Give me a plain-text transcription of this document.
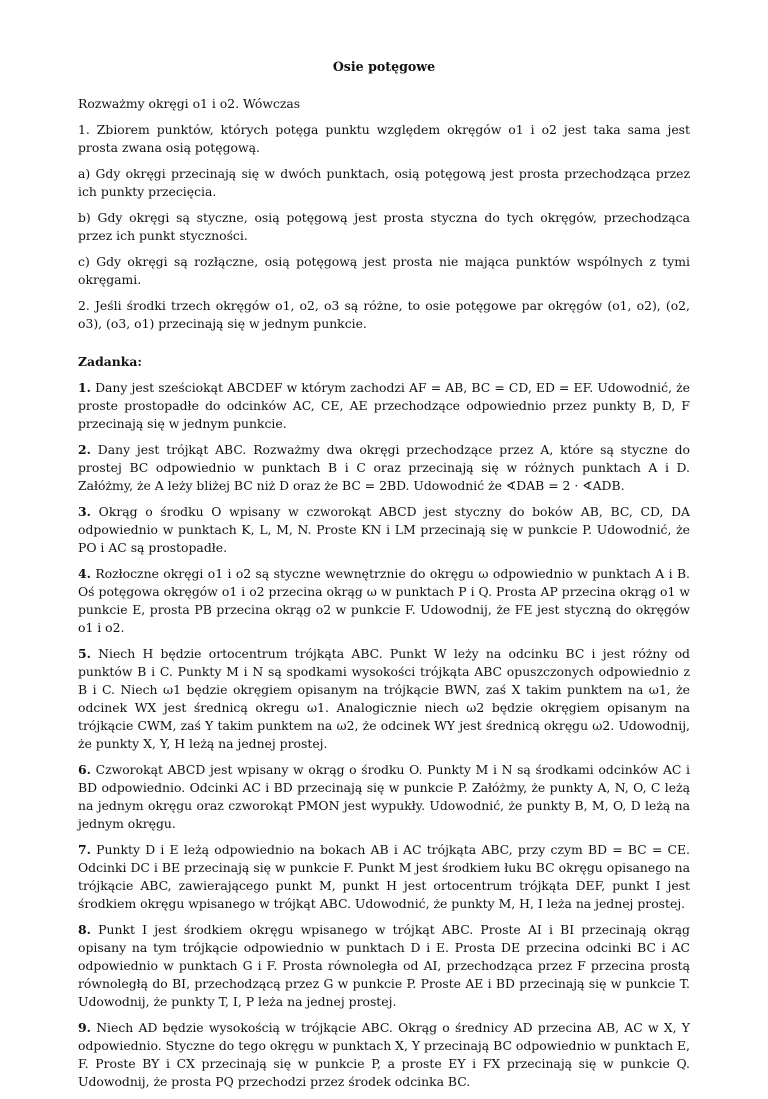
Osie potęgowe

Rozważmy okręgi o1 i o2. Wówczas

1. Zbiorem punktów, których potęga punktu względem okręgów o1 i o2 jest taka sama jest prosta zwana osią potęgową.

a) Gdy okręgi przecinają się w dwóch punktach, osią potęgową jest prosta przechodząca przez ich punkty przecięcia.

b) Gdy okręgi są styczne, osią potęgową jest prosta styczna do tych okręgów, przechodząca przez ich punkt styczności.

c) Gdy okręgi są rozłączne, osią potęgową jest prosta nie mająca punktów wspólnych z tymi okręgami.

2. Jeśli środki trzech okręgów o1, o2, o3 są różne, to osie potęgowe par okręgów (o1, o2), (o2, o3), (o3, o1) przecinają się w jednym punkcie.

Zadanka:

1. Dany jest sześciokąt ABCDEF w którym zachodzi AF = AB, BC = CD, ED = EF. Udowodnić, że proste prostopadłe do odcinków AC, CE, AE przechodzące odpowiednio przez punkty B, D, F przecinają się w jednym punkcie.

2. Dany jest trójkąt ABC. Rozważmy dwa okręgi przechodzące przez A, które są styczne do prostej BC odpowiednio w punktach B i C oraz przecinają się w różnych punktach A i D. Załóżmy, że A leży bliżej BC niż D oraz że BC = 2BD. Udowodnić że ∢DAB = 2 · ∢ADB.

3. Okrąg o środku O wpisany w czworokąt ABCD jest styczny do boków AB, BC, CD, DA odpowiednio w punktach K, L, M, N. Proste KN i LM przecinają się w punkcie P. Udowodnić, że PO i AC są prostopadłe.

4. Rozłoczne okręgi o1 i o2 są styczne wewnętrznie do okręgu ω odpowiednio w punktach A i B. Oś potęgowa okręgów o1 i o2 przecina okrąg ω w punktach P i Q. Prosta AP przecina okrąg o1 w punkcie E, prosta PB przecina okrąg o2 w punkcie F. Udowodnij, że FE jest styczną do okręgów o1 i o2.

5. Niech H będzie ortocentrum trójkąta ABC. Punkt W leży na odcinku BC i jest różny od punktów B i C. Punkty M i N są spodkami wysokości trójkąta ABC opuszczonych odpowiednio z B i C. Niech ω1 będzie okręgiem opisanym na trójkącie BWN, zaś X takim punktem na ω1, że odcinek WX jest średnicą okregu ω1. Analogicznie niech ω2 będzie okręgiem opisanym na trójkącie CWM, zaś Y takim punktem na ω2, że odcinek WY jest średnicą okręgu ω2. Udowodnij, że punkty X, Y, H leżą na jednej prostej.

6. Czworokąt ABCD jest wpisany w okrąg o środku O. Punkty M i N są środkami odcinków AC i BD odpowiednio. Odcinki AC i BD przecinają się w punkcie P. Załóżmy, że punkty A, N, O, C leżą na jednym okręgu oraz czworokąt PMON jest wypukły. Udowodnić, że punkty B, M, O, D leżą na jednym okręgu.

7. Punkty D i E leżą odpowiednio na bokach AB i AC trójkąta ABC, przy czym BD = BC = CE. Odcinki DC i BE przecinają się w punkcie F. Punkt M jest środkiem łuku BC okręgu opisanego na trójkącie ABC, zawierającego punkt M, punkt H jest ortocentrum trójkąta DEF, punkt I jest środkiem okręgu wpisanego w trójkąt ABC. Udowodnić, że punkty M, H, I leża na jednej prostej.

8. Punkt I jest środkiem okręgu wpisanego w trójkąt ABC. Proste AI i BI przecinają okrąg opisany na tym trójkącie odpowiednio w punktach D i E. Prosta DE przecina odcinki BC i AC odpowiednio w punktach G i F. Prosta równoległa od AI, przechodząca przez F przecina prostą równoległą do BI, przechodzącą przez G w punkcie P. Proste AE i BD przecinają się w punkcie T. Udowodnij, że punkty T, I, P leża na jednej prostej.

9. Niech AD będzie wysokością w trójkącie ABC. Okrąg o średnicy AD przecina AB, AC w X, Y odpowiednio. Styczne do tego okręgu w punktach X, Y przecinają BC odpowiednio w punktach E, F. Proste BY i CX przecinają się w punkcie P, a proste EY i FX przecinają się w punkcie Q. Udowodnij, że prosta PQ przechodzi przez środek odcinka BC.
